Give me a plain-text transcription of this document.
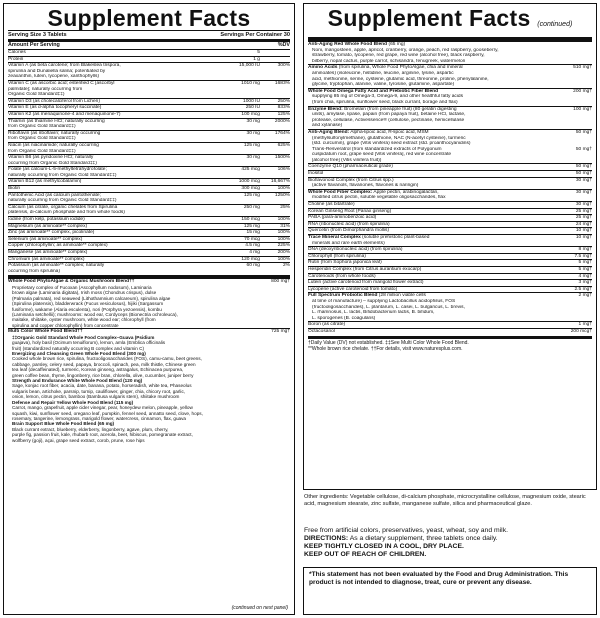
Supplement Facts
Serving Size 3 Tablets	Servings Per Container 30
Amount Per Serving	%DV
Calories	5
Protein	1 g
Vitamin A (as beta carotene; from Blakeslea trispora,	15,000 IU	300%
spirulina and Dunaliella salina; potentiated by
zeaxanthin, lutein, lycopene, xanthophylls)
Vitamin C (as ascorbic acid; esterified C [ascorbyl	1010 mg	1683%
palmitate]; naturally occurring from
Organic Gold Standard‡‡)
Vitamin D3 (as cholecalciferol from Lichen)	1000 IU	250%
Vitamin E (as d-alpha tocopheryl succinate)	250 IU	833%
Vitamin K2 (as menaquinone-4 and menaquinone-7)	100 mcg	125%
Thiamin (as thiamine HCl; naturally occurring	30 mg	2000%
from Organic Gold Standard‡‡)
Riboflavin (as riboflavin; naturally occurring	30 mg	1764%
from Organic Gold Standard‡‡)
Niacin (as niacinamide; naturally occurring	125 mg	625%
from Organic Gold Standard‡‡)
Vitamin B6 (as pyridoxine HCl; naturally	30 mg	1500%
occurring from Organic Gold Standard‡‡)
Folate (as calcium-L-5-methyltetrahydrofolate;	425 mcg	106%
naturally occurring from Organic Gold Standard‡‡)
Vitamin B12 (as methylcobalamin)	1000 mcg	16,667%
Biotin	300 mcg	100%
Pantothenic Acid (as calcium pantothenate;	125 mg	1250%
naturally occurring from Organic Gold Standard‡‡)
Calcium (as citrate, organic chelates from Spirulina	250 mg	25%
platensis, di-calcium phosphate and from whole foods)
Iodine (from kelp, potassium iodide)	150 mcg	100%
Magnesium (as aminoate** complex)	125 mg	31%
Zinc (as aminoate** complex, picolinate)	15 mg	100%
Selenium (as aminoate** complex)	70 mcg	100%
Copper (chlorophyllin; as aminoate** complex)	4.5 mg	225%
Manganese (as aminoate** complex)	4 mg	200%
Chromium (as aminoate** complex)	120 mcg	100%
Potassium (as aminoate** complex; naturally	60 mg	2%
occurring from spirulina)
Whole Food PhytoAlgae & Organic Mushroom Blend††	800 mg†
Proprietary complex of Fucoxan (Ascophyllum nodosum), Laminaria
brown algae (Laminaria digitata), Irish moss (Chondrus crispus), dulse
(Palmaria palmata), red seaweed (Lithothamnium calcareum), spirulina algae
(Spirulina platensis), bladderwrack (Fucus vesiculosus), hijiki (Sargassum
fusiforme), wakame (Alaria esculenta), nori (Porphyra yezoensis), kombu
(Laminaria setchellii); mushrooms: wood ear, Cordyceps (Bionectria ochroleuca),
maitake, shiitake, oyster mushroom, white wood ear; chlorophyll (from
spirulina and copper chlorophyllin) from concentrate
Multi Color Whole Food Blend††	725 mg†
‡‡Organic Gold Standard Whole Food Complex–Guava (Psidium
guajava), holy basil (Ocimum tenuiflorum), lemon, amla (Emblica officinalis
fruit) (standardized naturally occurring B complex and vitamin C)
Energizing and Cleansing Green Whole Food Blend (300 mg)
Cooked whole brown rice, spirulina, fructooligosaccharides (FOS), camu-camu, beet greens,
cabbage, parsley, celery seed, papaya, broccoli, spinach, pea, milk thistle, Chinese green
tea leaf (decaffeinated), turmeric, Korean ginseng, astragalus, Echinacea purpurea,
green coffee bean, thyme, lingonberry, rice bran, chlorella, olive, cucumber, juniper berry
Strength and Endurance White Whole Food Blend (120 mg)
Sage, konjac root fiber, acacia, date, banana, potato, horseradish, white tea, Phaseolus
vulgaris bean, artichoke, parsnip, turnip, cauliflower, ginger, chia, chicory root, garlic,
onion, lemon, citrus pectin, bamboo (Bambusa vulgaris stem), shiitake mushroom
Defense and Repair Yellow Whole Food Blend (115 mg)
Carrot, mango, grapefruit, apple cider vinegar, pear, honeydew melon, pineapple, yellow
squash, kiwi, sunflower seed, oregano leaf, pumpkin, fennel seed, annatto seed, clove, hops,
rosemary, tangerine, lemongrass, marigold flower, watercress, cinnamon, flax, guava
Brain Support Blue Whole Food Blend (65 mg)
Black currant extract, blueberry, elderberry, lingonberry, agave, plum, cherry,
purple fig, passion fruit, kale, rhubarb root, acerola, beet, hibiscus, pomegranate extract,
wolfberry (goji), açai, grape seed extract, corob, prune, rose hips
(continued on next panel)
Supplement Facts (continued)
Anti-Aging Red Whole Food Blend (65 mg)
Noni, mangosteen, apple, apricot, cranberry, orange, peach, red raspberry, gooseberry,
strawberry, tomato, lycopene, red grape, red wine (alcohol free), black raspberry,
bilberry, nopal cactus, purple carrot, schisandra, fenugreek, watermelon
Amino Acids (from spirulina, Whole Food PhytoAlgae, chia and mineral	510 mg†
aminoates) (isoleucine, histidine, leucine, arginine, lysine, aspartic
acid, methionine, serine, cysteine, glutamic acid, threonine, proline, phenylalanine,
glycine, tryptophan, alanine, valine, tyrosine, glutamine, aspartate)
Whole Food Omega Fatty Acid and Prebiotic Fiber Blend	200 mg†
supplying 85 mg of Omega-3, Omega-9, and other healthful fatty acids
(from chia, spirulina, sunflower seed, black currant, borage and flax)
Enzyme Blend: Bromelain (from pineapple fruit) (80 gelatin digesting	100 mg†
units), amylase, lipase, papain (from papaya fruit), betaine HCl, lactase,
protease, cellulase, Activessence® (cellulose, pectinase, hemicellulase
and xylanase)
Anti-Aging Blend: Alpha-lipoic acid, R-lipoic acid, MSM	50 mg†
(methylsulfonylmethane), glutathione, NAC (N-acetyl cysteine), turmeric
(std. curcumin), grape (Vitis vinifera) seed extract (std. proanthocyanidins)
Trans-Resveratrol (from standardized extracts of Polygonum	50 mg†
cuspidatum root, grape seed [Vitis vinifera], red wine concentrate
[alcohol free] (Vitis vinifera fruit))
Coenzyme Q10 (pharmaceutical grade)	50 mg†
Inositol	50 mg†
Bioflavonoid Complex (from Citrus spp.)	30 mg†
(active flavanols, flavanones, flavones & naringin)
Whole Food Fiber Complex: Apple pectin, arabinogalactan,	30 mg†
modified citrus pectin, soluble vegetable oligosaccharides, flax
Choline (as bitartrate)	30 mg†
Korean Ginseng Root (Panax ginseng)	25 mg†
PABA (para-aminobenzoic acid)	25 mg†
RNA (ribonucleic acid) (from spirulina)	24 mg†
Quercetin (from Dimorphandra mollis)	10 mg†
Trace Mineral Complex (soluble prehistoric plant-based	10 mg†
minerals and rare earth elements)
DNA (deoxyribonucleic acid) (from spirulina)	8 mg†
Chlorophyll (from spirulina)	7.5 mg†
Rutin (from Sophora japonica leaf)	5 mg†
Hesperidin Complex (from Citrus aurantium exocarp)	5 mg†
Carotenoids (from whole foods)	4 mg†
Lutein (active carotenoid from marigold flower extract)	3 mg†
Lycopene (active carotenoid from tomato)	2.5 mg†
Full Spectrum Probiotic Blend (28 million viable cells	2 mg†
at time of manufacture) – supplying Lactobacillus acidophilus, FOS
(fructooligosaccharides), L. plantarum, L. casei, L. bulgaricus, L. brevis,
L. rhamnosus, L. lactis, Bifidobacterium lactis, B. bifidum,
L. sporogenes (B. coagulans)
Boron (as citrate)	1 mg†
Octacosanol	200 mcg†
†Daily Value (DV) not established. ‡‡See Multi Color Whole Food Blend.
**Whole brown rice chelate. ††For details, visit www.naturesplus.com.
Other ingredients: Vegetable cellulose, di-calcium phosphate, microcrystalline cellulose, magnesium oxide, stearic acid, magnesium stearate, zinc sulfate, manganese sulfate, silica and pharmaceutical glaze.
Free from artificial colors, preservatives, yeast, wheat, soy and milk.
DIRECTIONS: As a dietary supplement, three tablets once daily.
KEEP TIGHTLY CLOSED IN A COOL, DRY PLACE.
KEEP OUT OF REACH OF CHILDREN.
*This statement has not been evaluated by the Food and Drug Administration. This product is not intended to diagnose, treat, cure or prevent any disease.
